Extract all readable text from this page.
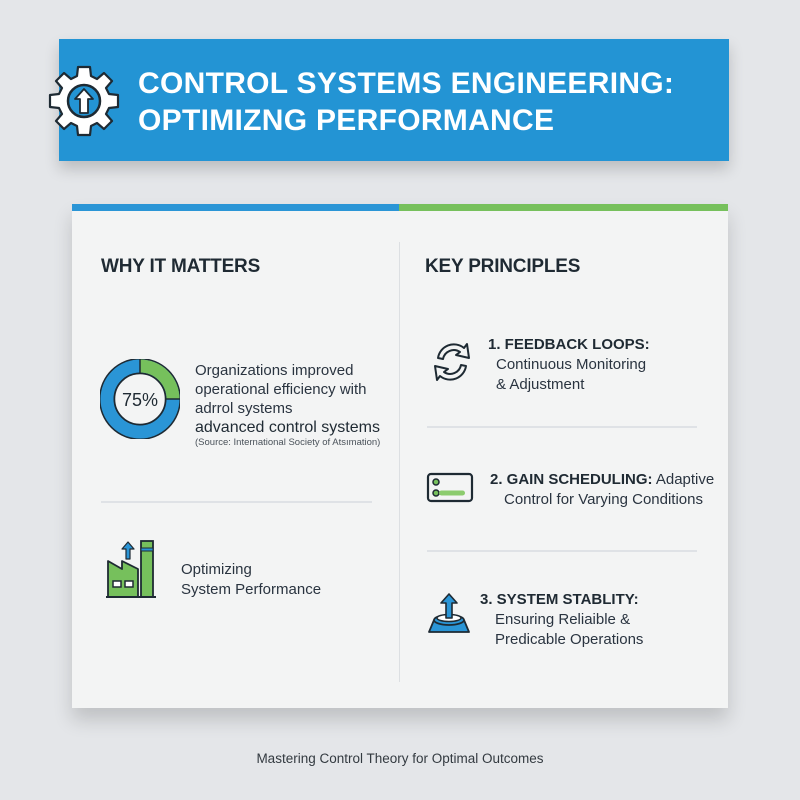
CONTROL SYSTEMS ENGINEERING:
OPTIMIZNG PERFORMANCE
WHY IT MATTERS
75%
Organizations improved
operational efficiency with
adrrol systems
advanced control systems
(Source: International Society of Atsımation)
Optimizing
System Performance
KEY PRINCIPLES
1. FEEDBACK LOOPS:
Continuous Monitoring
& Adjustment
2. GAIN SCHEDULING: Adaptive
Control for Varying Conditions
3. SYSTEM STABLITY:
Ensuring Reliaible &
Predicable Operations
Mastering Control Theory for Optimal Outcomes
